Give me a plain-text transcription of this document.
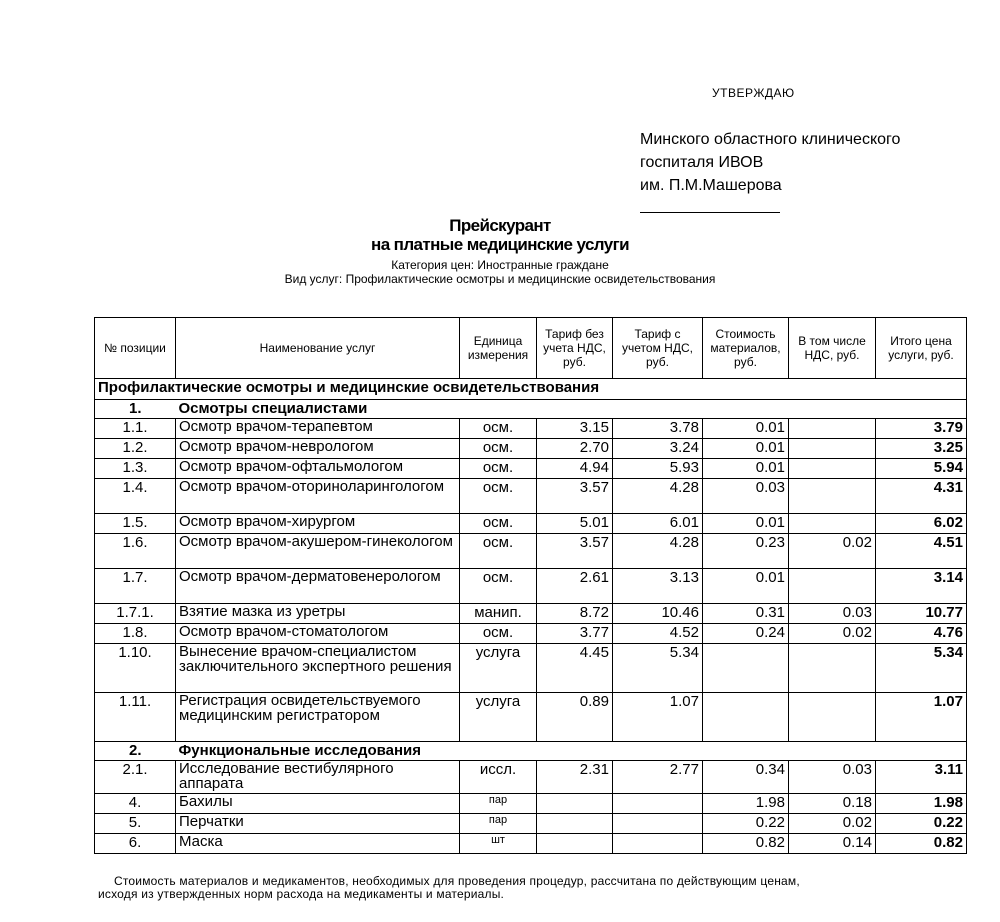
УТВЕРЖДАЮ
Минского областного клинического
госпиталя ИВОВ
им. П.М.Машерова
Прейскурант
на платные медицинские услуги
Категория цен: Иностранные граждане
Вид услуг: Профилактические осмотры и медицинские освидетельствования
№ позиции	Наименование услуг	Единица измерения	Тариф без учета НДС, руб.	Тариф с учетом НДС, руб.	Стоимость материалов, руб.	В том числе НДС, руб.	Итого цена услуги, руб.
Профилактические осмотры и медицинские освидетельствования							
1.	Осмотры специалистами						
1.1.	Осмотр врачом-терапевтом	осм.	3.15	3.78	0.01		3.79
1.2.	Осмотр врачом-неврологом	осм.	2.70	3.24	0.01		3.25
1.3.	Осмотр врачом-офтальмологом	осм.	4.94	5.93	0.01		5.94
1.4.	Осмотр врачом-оториноларингологом	осм.	3.57	4.28	0.03		4.31
1.5.	Осмотр врачом-хирургом	осм.	5.01	6.01	0.01		6.02
1.6.	Осмотр врачом-акушером-гинекологом	осм.	3.57	4.28	0.23	0.02	4.51
1.7.	Осмотр врачом-дерматовенерологом	осм.	2.61	3.13	0.01		3.14
1.7.1.	Взятие мазка из уретры	манип.	8.72	10.46	0.31	0.03	10.77
1.8.	Осмотр врачом-стоматологом	осм.	3.77	4.52	0.24	0.02	4.76
1.10.	Вынесение врачом-специалистом заключительного экспертного решения	услуга	4.45	5.34			5.34
1.11.	Регистрация освидетельствуемого медицинским регистратором	услуга	0.89	1.07			1.07
2.	Функциональные исследования						
2.1.	Исследование вестибулярного аппарата	иссл.	2.31	2.77	0.34	0.03	3.11
4.	Бахилы	пар			1.98	0.18	1.98
5.	Перчатки	пар			0.22	0.02	0.22
6.	Маска	шт			0.82	0.14	0.82
Стоимость материалов и медикаментов, необходимых для проведения процедур, рассчитана по действующим ценам,
исходя из утвержденных норм расхода на медикаменты и материалы.
